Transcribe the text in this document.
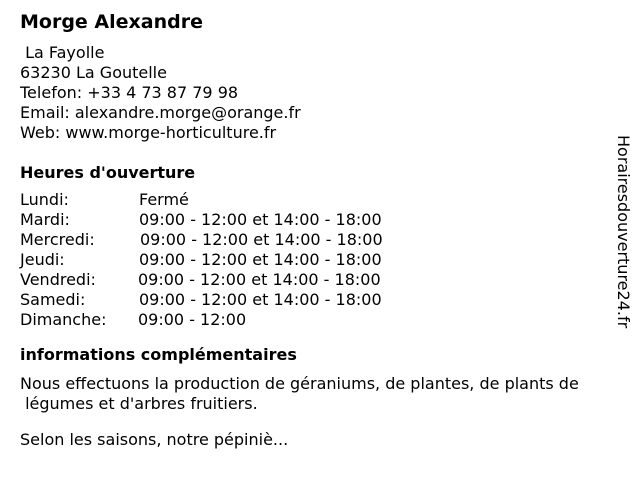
Morge Alexandre
La Fayolle
63230 La Goutelle
Telefon: +33 4 73 87 79 98
Email: alexandre.morge@orange.fr
Web: www.morge-horticulture.fr
Heures d'ouverture
Lundi:	Fermé
Mardi:	09:00 - 12:00 et 14:00 - 18:00
Mercredi:	09:00 - 12:00 et 14:00 - 18:00
Jeudi:	09:00 - 12:00 et 14:00 - 18:00
Vendredi:	09:00 - 12:00 et 14:00 - 18:00
Samedi:	09:00 - 12:00 et 14:00 - 18:00
Dimanche:	09:00 - 12:00
informations complémentaires

Nous effectuons la production de géraniums, de plantes, de plants de
légumes et d'arbres fruitiers.

Selon les saisons, notre pépiniè...

Horairesdouverture24.fr
